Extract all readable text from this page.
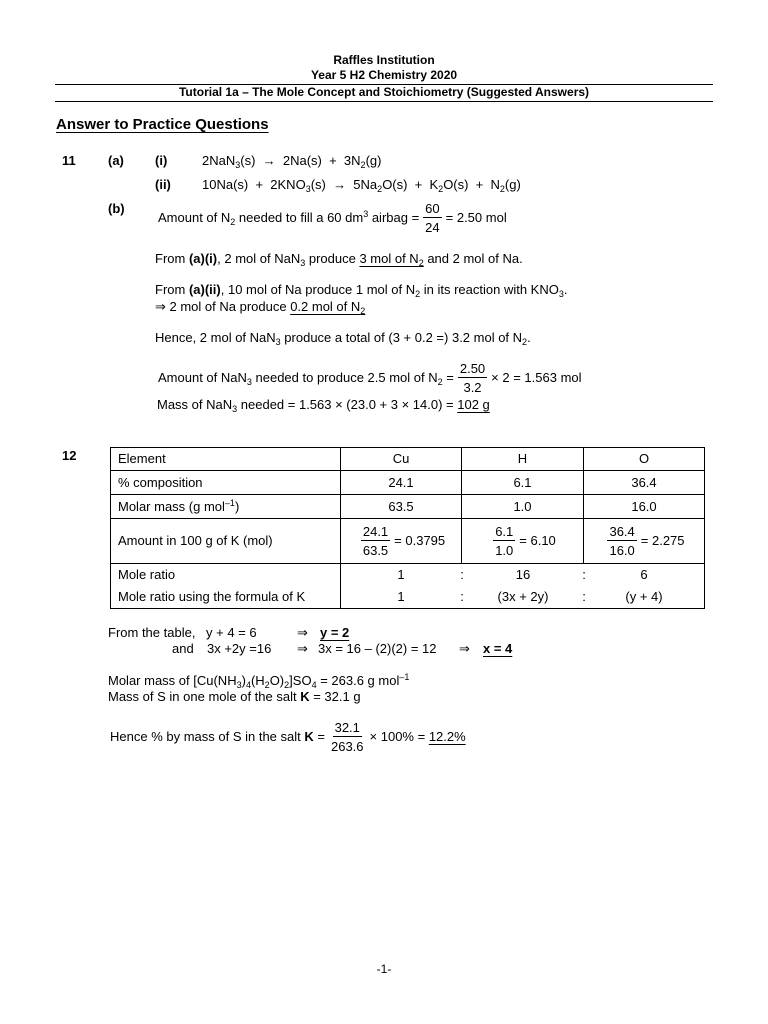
Raffles Institution
Year 5 H2 Chemistry 2020
Tutorial 1a – The Mole Concept and Stoichiometry (Suggested Answers)
Answer to Practice Questions
11 (a) (i)	$2NaN_3(s) \to 2Na(s) + 3N_2(g)$
(ii) $10Na(s) + 2KNO_3(s) \to 5Na_2O(s) + K_2O(s) + N_2(g)$
(b)
Amount of $N_2$ needed to fill a 60 $dm^3$ airbag = $\frac{60}{24} = 2.50$ mol
From (a)(i), 2 mol of NaN$_3$ produce 3 mol of $N_2$ and 2 mol of Na.
From (a)(ii), 10 mol of Na produce 1 mol of $N_2$ in its reaction with $KNO_3$.
⇒ 2 mol of Na produce 0.2 mol of $N_2$
Hence, 2 mol of NaN$_3$ produce a total of (3 + 0.2 =) 3.2 mol of $N_2$.
Amount of NaN$_3$ needed to produce 2.5 mol of $N_2 = \frac{2.50}{3.2} \times 2 = 1.563$ mol
Mass of NaN$_3$ needed = 1.563 × (23.0 + 3 × 14.0) = 102 g
12	Element	Cu	H	O
% composition	24.1	6.1	36.4
Molar mass (g mol$^{-1}$)	63.5	1.0	16.0
Amount in 100 g of K (mol)	$\frac{24.1}{63.5} = 0.3795$	$\frac{6.1}{1.0} = 6.10$	$\frac{36.4}{16.0} = 2.275$

Mole ratio	1 : 16 : 6		

Mole ratio using the formula of K	1 : (3x + 2y) : (y + 4)		
From the table, y + 4 = 6	⇒ y = 2
and 3x +2y =16 ⇒ 3x = 16 – (2)(2) = 12 ⇒ x = 4
Molar mass of $[Cu(NH_3)_4(H_2O)_2]SO_4 = 263.6$ g mol$^{-1}$
Mass of S in one mole of the salt K = 32.1 g
Hence % by mass of S in the salt $K = \frac{32.1}{263.6} \times 100\% = 12.2\%$
-1-
